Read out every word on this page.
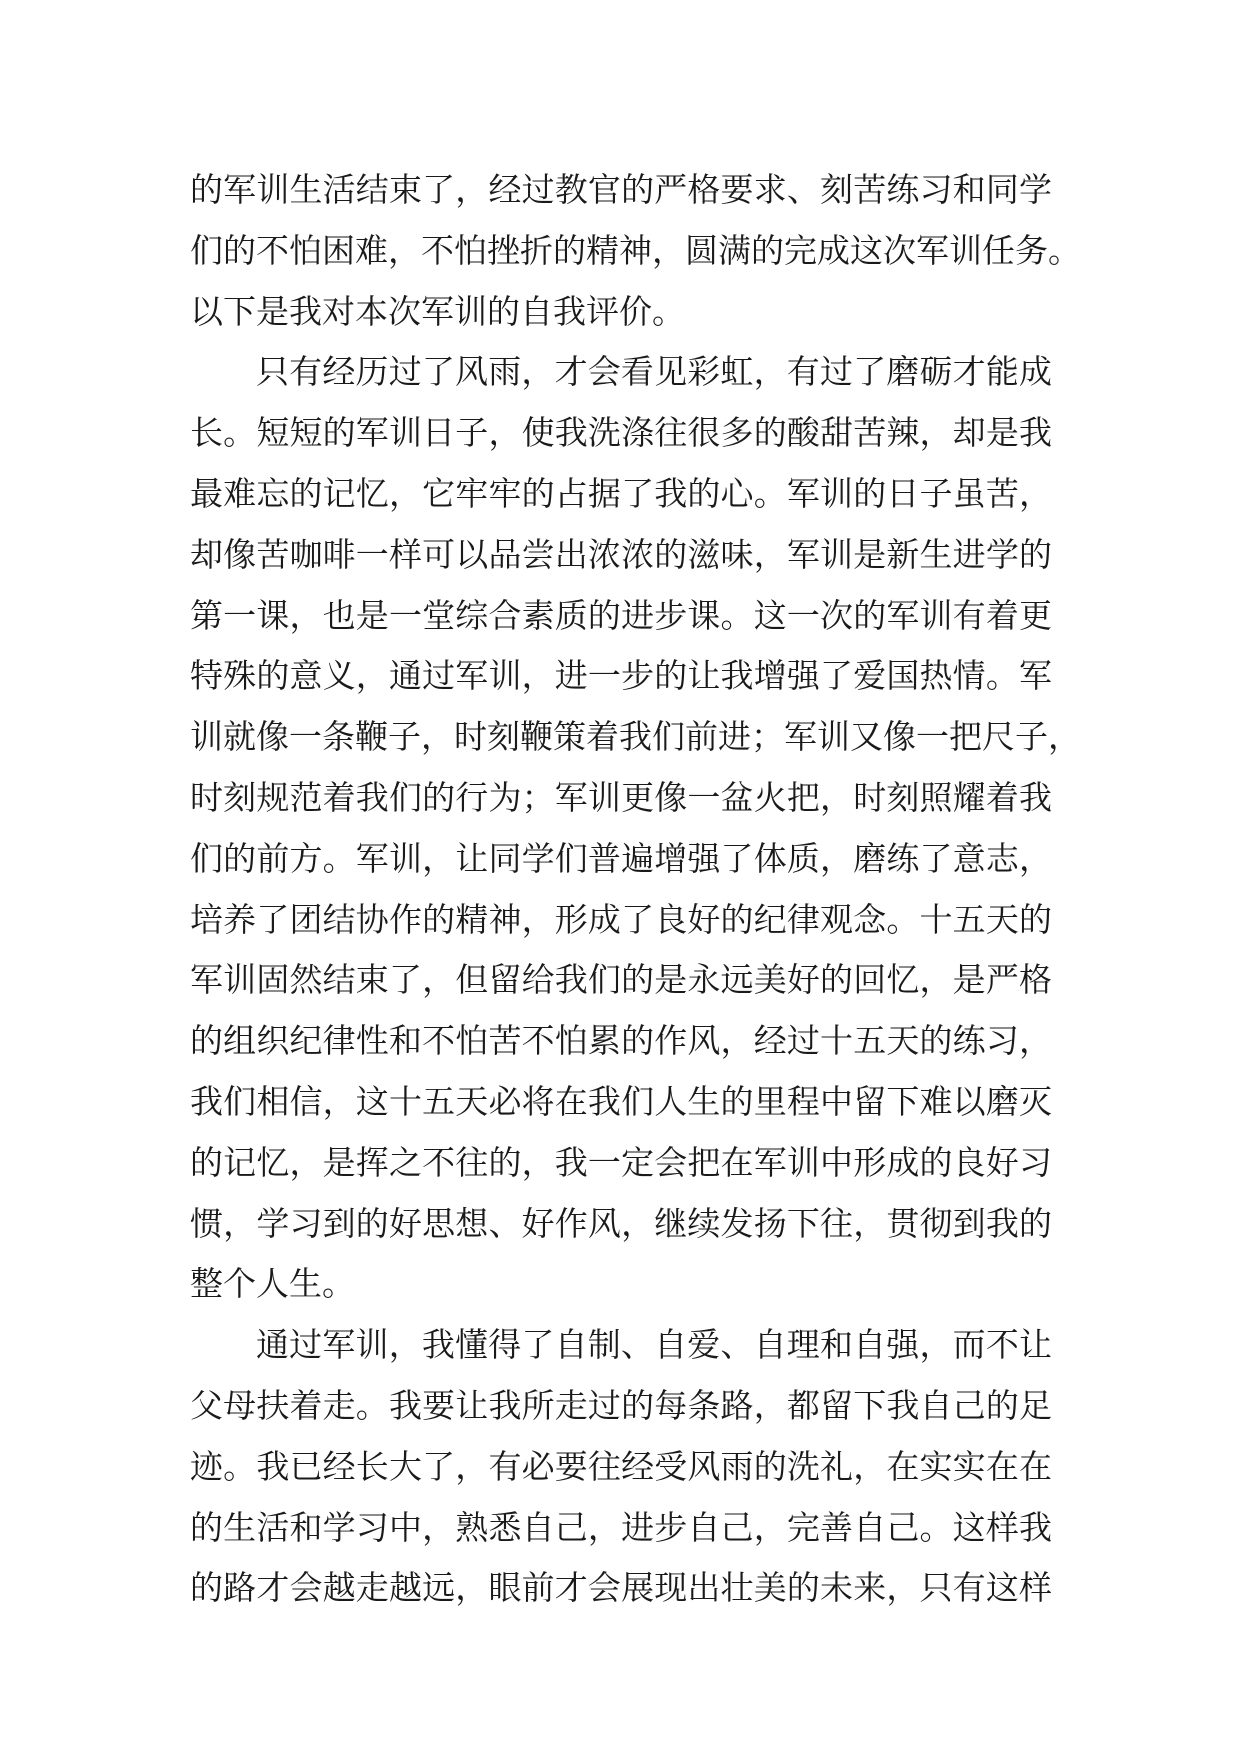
的军训生活结束了，经过教官的严格要求、刻苦练习和同学
们的不怕困难，不怕挫折的精神，圆满的完成这次军训任务。
以下是我对本次军训的自我评价。
只有经历过了风雨，才会看见彩虹，有过了磨砺才能成
长。短短的军训日子，使我洗涤往很多的酸甜苦辣，却是我
最难忘的记忆，它牢牢的占据了我的心。军训的日子虽苦，
却像苦咖啡一样可以品尝出浓浓的滋味，军训是新生进学的
第一课，也是一堂综合素质的进步课。这一次的军训有着更
特殊的意义，通过军训，进一步的让我增强了爱国热情。军
训就像一条鞭子，时刻鞭策着我们前进；军训又像一把尺子，
时刻规范着我们的行为；军训更像一盆火把，时刻照耀着我
们的前方。军训，让同学们普遍增强了体质，磨练了意志，
培养了团结协作的精神，形成了良好的纪律观念。十五天的
军训固然结束了，但留给我们的是永远美好的回忆，是严格
的组织纪律性和不怕苦不怕累的作风，经过十五天的练习，
我们相信，这十五天必将在我们人生的里程中留下难以磨灭
的记忆，是挥之不往的，我一定会把在军训中形成的良好习
惯，学习到的好思想、好作风，继续发扬下往，贯彻到我的
整个人生。
通过军训，我懂得了自制、自爱、自理和自强，而不让
父母扶着走。我要让我所走过的每条路，都留下我自己的足
迹。我已经长大了，有必要往经受风雨的洗礼，在实实在在
的生活和学习中，熟悉自己，进步自己，完善自己。这样我
的路才会越走越远，眼前才会展现出壮美的未来，只有这样
